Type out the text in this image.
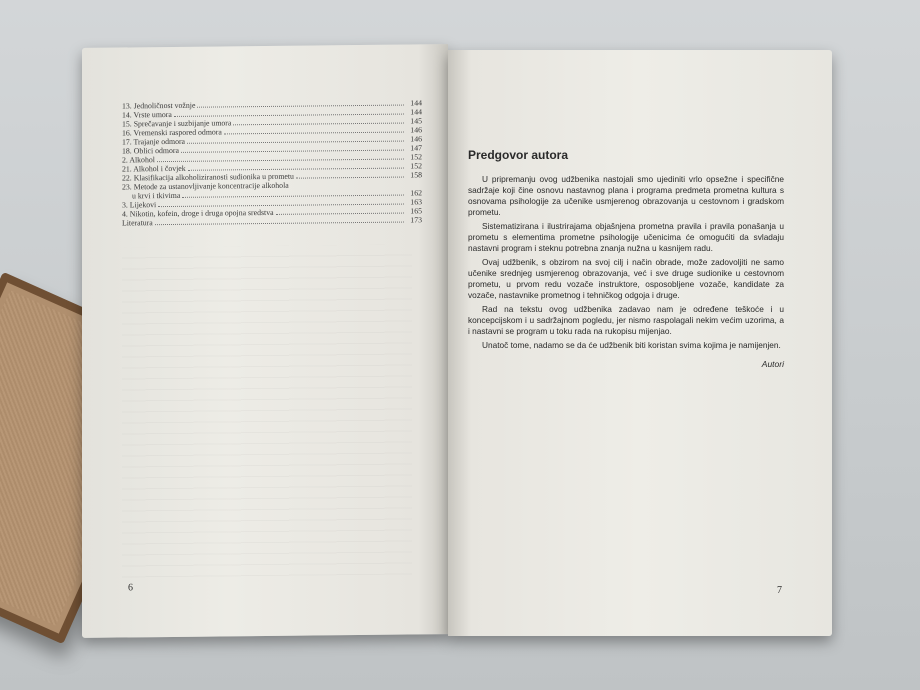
13. Jednoličnost vožnje	144
14. Vrste umora	144
15. Sprečavanje i suzbijanje umora	145
16. Vremenski raspored odmora	146
17. Trajanje odmora	146
18. Oblici odmora	147
2. Alkohol	152
21. Alkohol i čovjek	152
22. Klasifikacija alkoholiziranosti sudionika u prometu	158
23. Metode za ustanovljivanje koncentracije alkohola
u krvi i tkivima	162
3. Lijekovi	163
4. Nikotin, kofein, droge i druga opojna sredstva	165
Literatura	173
6
Predgovor autora

U pripremanju ovog udžbenika nastojali smo ujediniti vrlo opsežne i specifične sadržaje koji čine osnovu nastavnog plana i programa predmeta prometna kultura s osnovama psihologije za učenike usmjerenog obrazovanja u cestovnom i gradskom prometu.

Sistematizirana i ilustrirajama objašnjena prometna pravila i pravila ponašanja u prometu s elementima prometne psihologije učenicima će omogućiti da svladaju nastavni program i steknu potrebna znanja nužna u kasnijem radu.

Ovaj udžbenik, s obzirom na svoj cilj i način obrade, može zadovoljiti ne samo učenike srednjeg usmjerenog obrazovanja, već i sve druge sudionike u cestovnom prometu, u prvom redu vozače instruktore, osposobljene vozače, kandidate za vozače, nastavnike prometnog i tehničkog odgoja i druge.

Rad na tekstu ovog udžbenika zadavao nam je određene teškoće i u koncepcijskom i u sadržajnom pogledu, jer nismo raspolagali nekim većim uzorima, a i nastavni se program u toku rada na rukopisu mijenjao.

Unatoč tome, nadamo se da će udžbenik biti koristan svima kojima je namijenjen.

Autori
7
